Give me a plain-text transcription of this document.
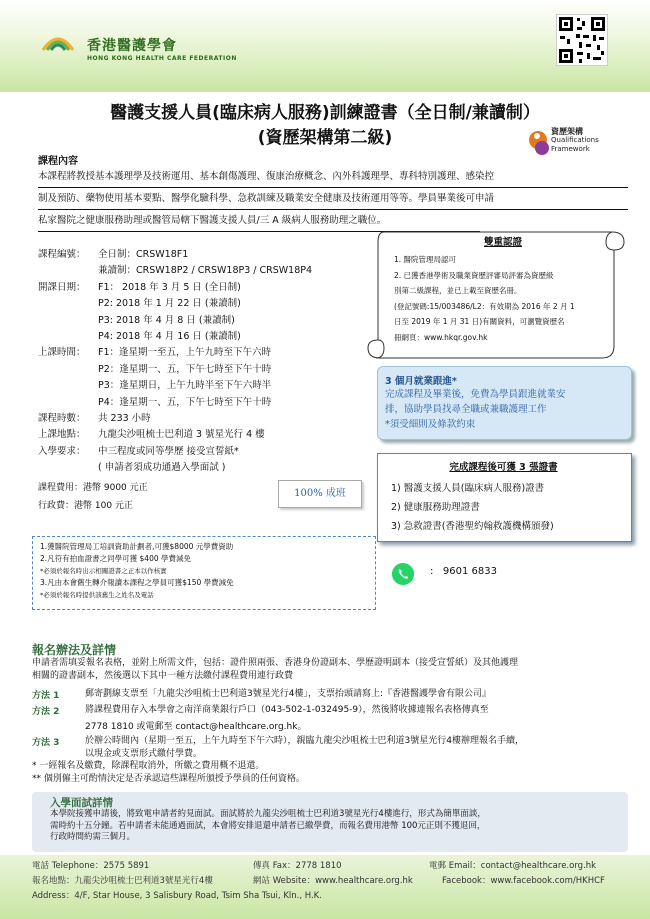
香港醫護學會
HONG KONG HEALTH CARE FEDERATION
醫護支援人員(臨床病人服務)訓練證書（全日制/兼讀制）
(資歷架構第二級)	資歷架構
Qualifications
Framework
課程內容
本課程將教授基本護理學及技術運用、基本創傷護理、復康治療概念、內外科護理學、專科特別護理、感染控
制及預防、藥物使用基本要點、醫學化驗科學、急救訓練及職業安全健康及技術運用等等。學員畢業後可申請
私家醫院之健康服務助理或醫管局轄下醫護支援人員/三 A 級病人服務助理之職位。
課程編號： 全日制：CRSW18F1
兼讀制：CRSW18P2 / CRSW18P3 / CRSW18P4
開課日期： F1： 2018 年 3 月 5 日 (全日制)
P2: 2018 年 1 月 22 日 (兼讀制)
P3: 2018 年 4 月 8 日 (兼讀制)
P4: 2018 年 4 月 16 日 (兼讀制)
上課時間： F1：逢星期一至五，上午九時至下午六時
P2：逢星期一、五，下午七時至下午十時
P3：逢星期日，上午九時半至下午六時半
P4：逢星期一、五，下午七時至下午十時
課程時數： 共 233 小時
上課地點： 九龍尖沙咀梳士巴利道 3 號星光行 4 樓
入學要求： 中三程度或同等學歷 接受宣誓紙*
( 申請者須成功通過入學面試 )
課程費用：港幣 9000 元正
行政費：港幣 100 元正
100% 成班
雙重認證
1. 醫院管理局認可
2. 已獲香港學術及職業資歷評審局評審為資歷級
別第二級課程，並已上載至資歷名冊。
(登記號碼:15/003486/L2：有效期為 2016 年 2 月 1
日至 2019 年 1 月 31 日)有關資料，可瀏覽資歷名
冊網頁：www.hkqr.gov.hk
3 個月就業跟進*
完成課程及畢業後，免費為學員跟進就業安
排，協助學員找尋全職或兼職護理工作
*須受細則及條款約束
完成課程後可獲 3 張證書
1) 醫護支援人員(臨床病人服務)證書
2) 健康服務助理證書
3) 急救證書(香港聖約翰救護機構頒發)
1.獲醫院管理局工培訓資助計劃者,可獲$8000 元學費資助
2.凡符有拍血證書之同學可獲 $400 學費減免
*必須於報名時出示相關證書之正本以作核實
3.凡由本會舊生轉介報讀本課程之學員可獲$150 學費減免
*必須於報名時提供該舊生之姓名及電話
:   9601 6833
報名辦法及詳情
申請者需填妥報名表格，並附上所需文件，包括：證件照兩張、香港身份證副本、學歷證明副本（接受宣誓紙）及其他護理
相關的證書副本，然後選以下其中一種方法繳付課程費用連行政費
方法 1	郵寄劃線支票至「九龍尖沙咀梳士巴利道3號星光行4樓」，支票抬頭請寫上:『香港醫護學會有限公司』
方法 2	將課程費用存入本學會之南洋商業銀行戶口（043-502-1-032495-9），然後將收據連報名表格傳真至
2778 1810 或電郵至 contact@healthcare.org.hk。
方法 3	於辦公時間內（星期一至五，上午九時至下午六時），親臨九龍尖沙咀梳士巴利道3號星光行4樓辦理報名手續，
以現金或支票形式繳付學費。
* 一經報名及繳費，除課程取消外，所繳之費用概不退還。
** 個別僱主可酌情決定是否承認這些課程所頒授予學員的任何資格。
入學面試詳情
本學院接獲申請後，將致電申請者約見面試。面試將於九龍尖沙咀梳士巴利道3號星光行4樓進行，形式為簡單面談，
需時約十五分鐘。若申請者未能通過面試，本會將安排退還申請者已繳學費，而報名費用港幣 100元正則不獲退回，
行政時間約需三個月。
電話 Telephone：2575 5891	傳真 Fax：2778 1810	電郵 Email：contact@healthcare.org.hk
報名地點：九龍尖沙咀梳士巴利道3號星光行4樓	網站 Website：www.healthcare.org.hk	Facebook：www.facebook.com/HKHCF
Address：4/F, Star House, 3 Salisbury Road, Tsim Sha Tsui, Kln., H.K.
